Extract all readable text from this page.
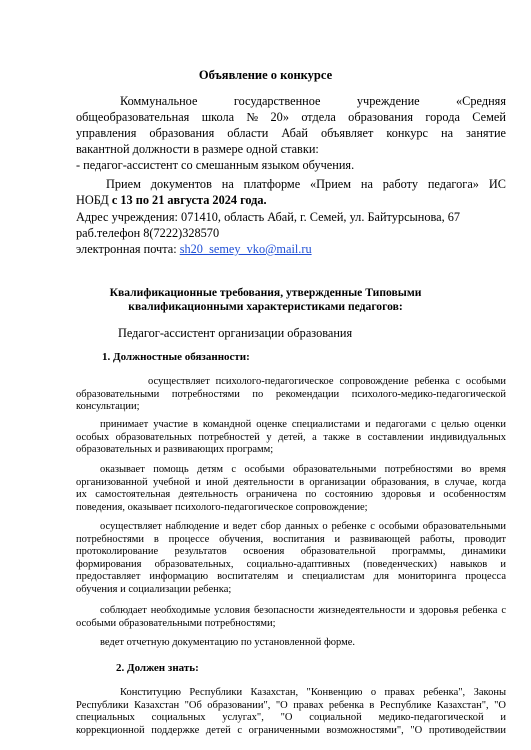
Объявление о конкурсе
Коммунальное	государственное	учреждение	«Средняя
общеобразовательная школа № 20» отдела образования города Семей
управления образования области Абай объявляет конкурс на занятие
вакантной должности в размере одной ставки:
- педагог-ассистент со смешанным языком обучения.
Прием документов на платформе «Прием на работу педагога» ИС
НОБД с 13 по 21 августа 2024 года.
Адрес учреждения: 071410, область Абай, г. Семей, ул. Байтурсынова, 67
раб.телефон 8(7222)328570
электронная почта: sh20_semey_vko@mail.ru
Квалификационные требования, утвержденные Типовыми
квалификационными характеристиками педагогов:
Педагог-ассистент организации образования
1. Должностные обязанности:
осуществляет психолого-педагогическое сопровождение ребенка с особыми
образовательными потребностями по рекомендации психолого-медико-педагогической
консультации;
принимает участие в командной оценке специалистами и педагогами с целью оценки
особых образовательных потребностей у детей, а также в составлении индивидуальных
образовательных и развивающих программ;
оказывает помощь детям с особыми образовательными потребностями во время
организованной учебной и иной деятельности в организации образования, в случае, когда
их самостоятельная деятельность ограничена по состоянию здоровья и особенностям
поведения, оказывает психолого-педагогическое сопровождение;
осуществляет наблюдение и ведет сбор данных о ребенке с особыми образовательными
потребностями в процессе обучения, воспитания и развивающей работы, проводит
протоколирование результатов освоения образовательной программы, динамики
формирования образовательных, социально-адаптивных (поведенческих) навыков и
предоставляет информацию воспитателям и специалистам для мониторинга процесса
обучения и социализации ребенка;
соблюдает необходимые условия безопасности жизнедеятельности и здоровья ребенка с
особыми образовательными потребностями;
ведет отчетную документацию по установленной форме.
2. Должен знать:
Конституцию Республики Казахстан, "Конвенцию о правах ребенка", Законы
Республики Казахстан "Об образовании", "О правах ребенка в Республике Казахстан", "О
специальных социальных услугах", "О социальной медико-педагогической и
коррекционной поддержке детей с ограниченными возможностями", "О противодействии
